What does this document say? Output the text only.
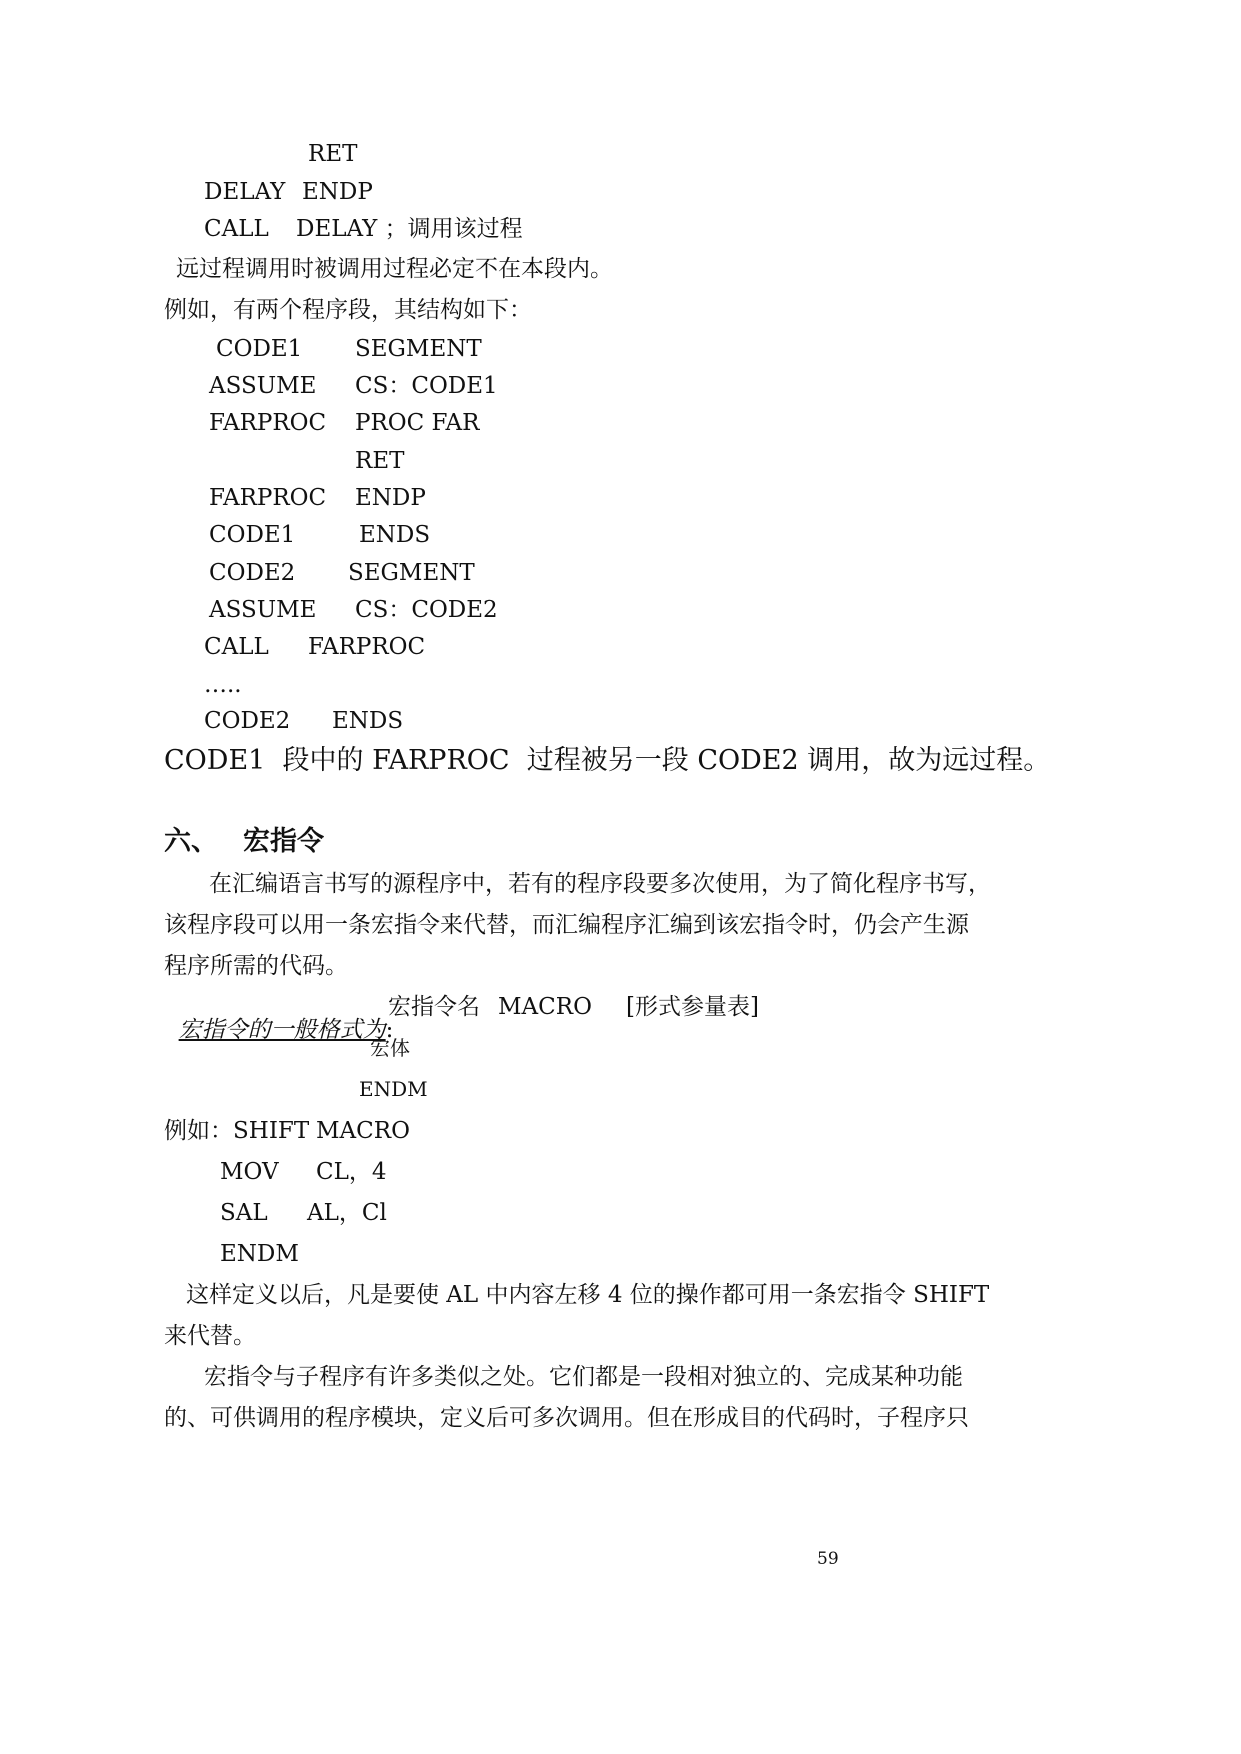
RET
DELAY ENDP
CALL DELAY ；调用该过程
远过程调用时被调用过程必定不在本段内。
例如，有两个程序段，其结构如下：
CODE1 SEGMENT
ASSUME CS：CODE1
FARPROC PROC FAR
RET
FARPROC ENDP
CODE1	ENDS
CODE2 SEGMENT
ASSUME CS：CODE2
CALL FARPROC
…..
CODE2 ENDS
CODE1  段中的 FARPROC  过程被另一段 CODE2 调用，故为远过程。
六、 宏指令
在汇编语言书写的源程序中，若有的程序段要多次使用，为了简化程序书写，
该程序段可以用一条宏指令来代替，而汇编程序汇编到该宏指令时，仍会产生源
程序所需的代码。

宏指令的一般格式为:

宏指令名 MACRO [形式参量表]
宏体
ENDM
例如：SHIFT MACRO
MOV CL，4
SAL AL，Cl
ENDM
这样定义以后，凡是要使 AL 中内容左移 4 位的操作都可用一条宏指令 SHIFT
来代替。
宏指令与子程序有许多类似之处。它们都是一段相对独立的、完成某种功能
的、可供调用的程序模块，定义后可多次调用。但在形成目的代码时，子程序只
59
